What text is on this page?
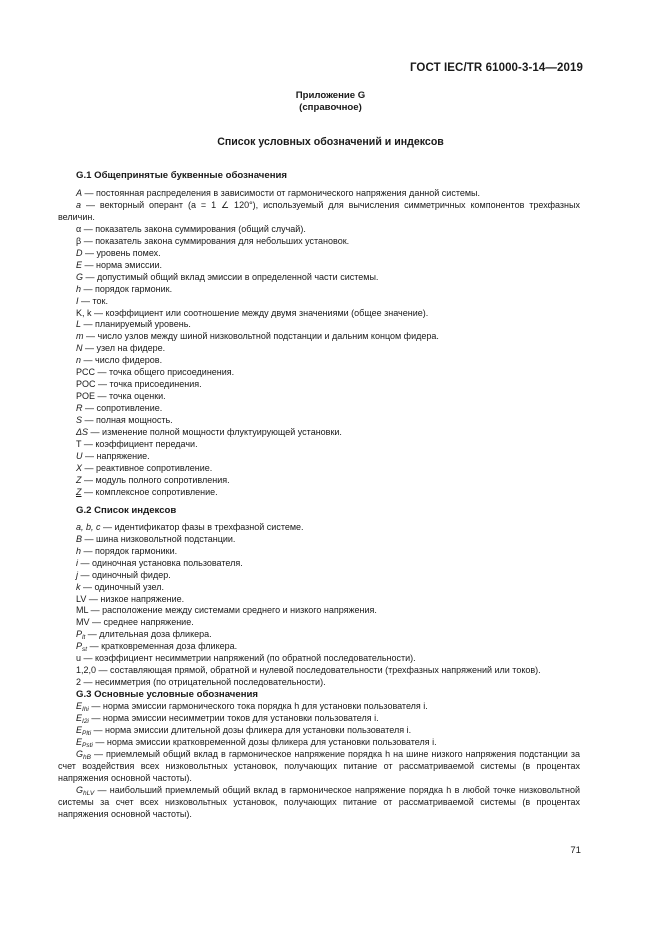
ГОСТ IEC/TR 61000-3-14—2019
Приложение G
(справочное)
Список условных обозначений и индексов
G.1 Общепринятые буквенные обозначения

A — постоянная распределения в зависимости от гармонического напряжения данной системы.

a — векторный оперант (a = 1 ∠ 120°), используемый для вычисления симметричных компонентов трехфазных величин.

α — показатель закона суммирования (общий случай).

β — показатель закона суммирования для небольших установок.

D — уровень помех.

E — норма эмиссии.

G — допустимый общий вклад эмиссии в определенной части системы.

h — порядок гармоник.

I — ток.

K, k — коэффициент или соотношение между двумя значениями (общее значение).

L — планируемый уровень.

m — число узлов между шиной низковольтной подстанции и дальним концом фидера.

N — узел на фидере.

n — число фидеров.

PCC — точка общего присоединения.

POC — точка присоединения.

POE — точка оценки.

R — сопротивление.

S — полная мощность.

ΔS — изменение полной мощности флуктуирующей установки.

T — коэффициент передачи.

U — напряжение.

X — реактивное сопротивление.

Z — модуль полного сопротивления.

Z — комплексное сопротивление.

G.2 Список индексов

a, b, c — идентификатор фазы в трехфазной системе.

B — шина низковольтной подстанции.

h — порядок гармоники.

i — одиночная установка пользователя.

j — одиночный фидер.

k — одиночный узел.

LV — низкое напряжение.

ML — расположение между системами среднего и низкого напряжения.

MV — среднее напряжение.

$P_{lt}$ — длительная доза фликера.

$P_{st}$ — кратковременная доза фликера.

u — коэффициент несимметрии напряжений (по обратной последовательности).

1,2,0 — составляющая прямой, обратной и нулевой последовательности (трехфазных напряжений или токов).

2 — несимметрия (по отрицательной последовательности).

G.3 Основные условные обозначения

$E_{Ihi}$ — норма эмиссии гармонического тока порядка h для установки пользователя i.

$E_{I2i}$ — норма эмиссии несимметрии токов для установки пользователя i.

$E_{Plti}$ — норма эмиссии длительной дозы фликера для установки пользователя i.

$E_{Psti}$ — норма эмиссии кратковременной дозы фликера для установки пользователя i.

$G_{hB}$ — приемлемый общий вклад в гармоническое напряжение порядка h на шине низкого напряжения подстанции за счет воздействия всех низковольтных установок, получающих питание от рассматриваемой системы (в процентах напряжения основной частоты).

$G_{hLV}$ — наибольший приемлемый общий вклад в гармоническое напряжение порядка h в любой точке низковольтной системы за счет всех низковольтных установок, получающих питание от рассматриваемой системы (в процентах напряжения основной частоты).

71
